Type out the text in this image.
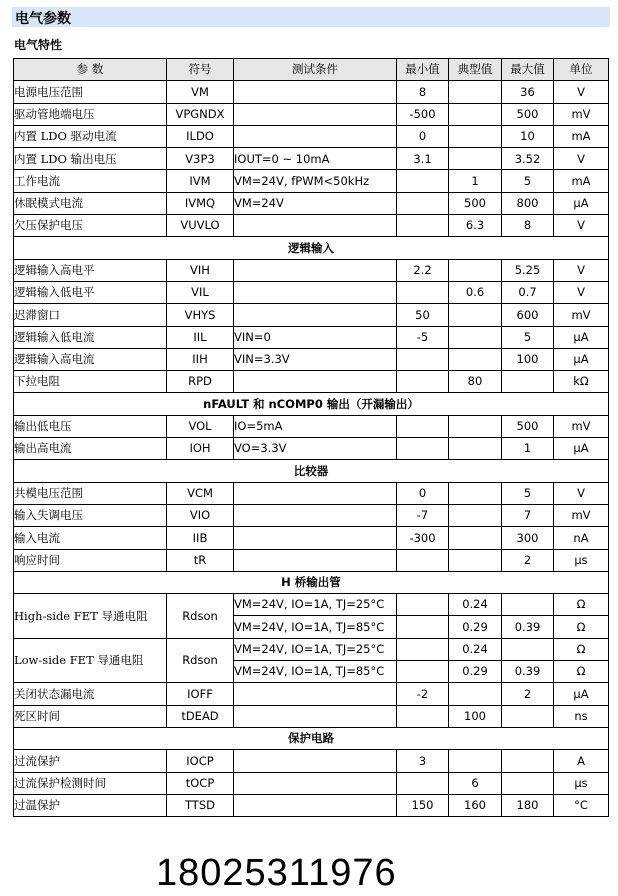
电气参数
电气特性
参 数	符号	测试条件	最小值	典型值	最大值	单位
电源电压范围	VM		8		36	V
驱动管地端电压	VPGNDX		-500		500	mV
内置 LDO 驱动电流	ILDO		0		10	mA
内置 LDO 输出电压	V3P3	IOUT=0 ~ 10mA	3.1		3.52	V
工作电流	IVM	VM=24V, fPWM<50kHz		1	5	mA
休眠模式电流	IVMQ	VM=24V		500	800	μA
欠压保护电压	VUVLO			6.3	8	V
逻辑输入						
逻辑输入高电平	VIH		2.2		5.25	V
逻辑输入低电平	VIL			0.6	0.7	V
迟滞窗口	VHYS		50		600	mV
逻辑输入低电流	IIL	VIN=0	-5		5	μA
逻辑输入高电流	IIH	VIN=3.3V			100	μA
下拉电阻	RPD			80		kΩ
nFAULT 和 nCOMP0 输出（开漏输出）						
输出低电压	VOL	IO=5mA			500	mV
输出高电流	IOH	VO=3.3V			1	μA
比较器						
共模电压范围	VCM		0		5	V
输入失调电压	VIO		-7		7	mV
输入电流	IIB		-300		300	nA
响应时间	tR				2	μs
H 桥输出管						
High-side FET 导通电阻	Rdson	VM=24V, IO=1A, TJ=25°C		0.24		Ω
		VM=24V, IO=1A, TJ=85°C		0.29	0.39	Ω
Low-side FET 导通电阻	Rdson	VM=24V, IO=1A, TJ=25°C		0.24		Ω
		VM=24V, IO=1A, TJ=85°C		0.29	0.39	Ω
关闭状态漏电流	IOFF		-2		2	μA
死区时间	tDEAD			100		ns
保护电路						
过流保护	IOCP		3			A
过流保护检测时间	tOCP			6		μs
过温保护	TTSD		150	160	180	°C
18025311976
